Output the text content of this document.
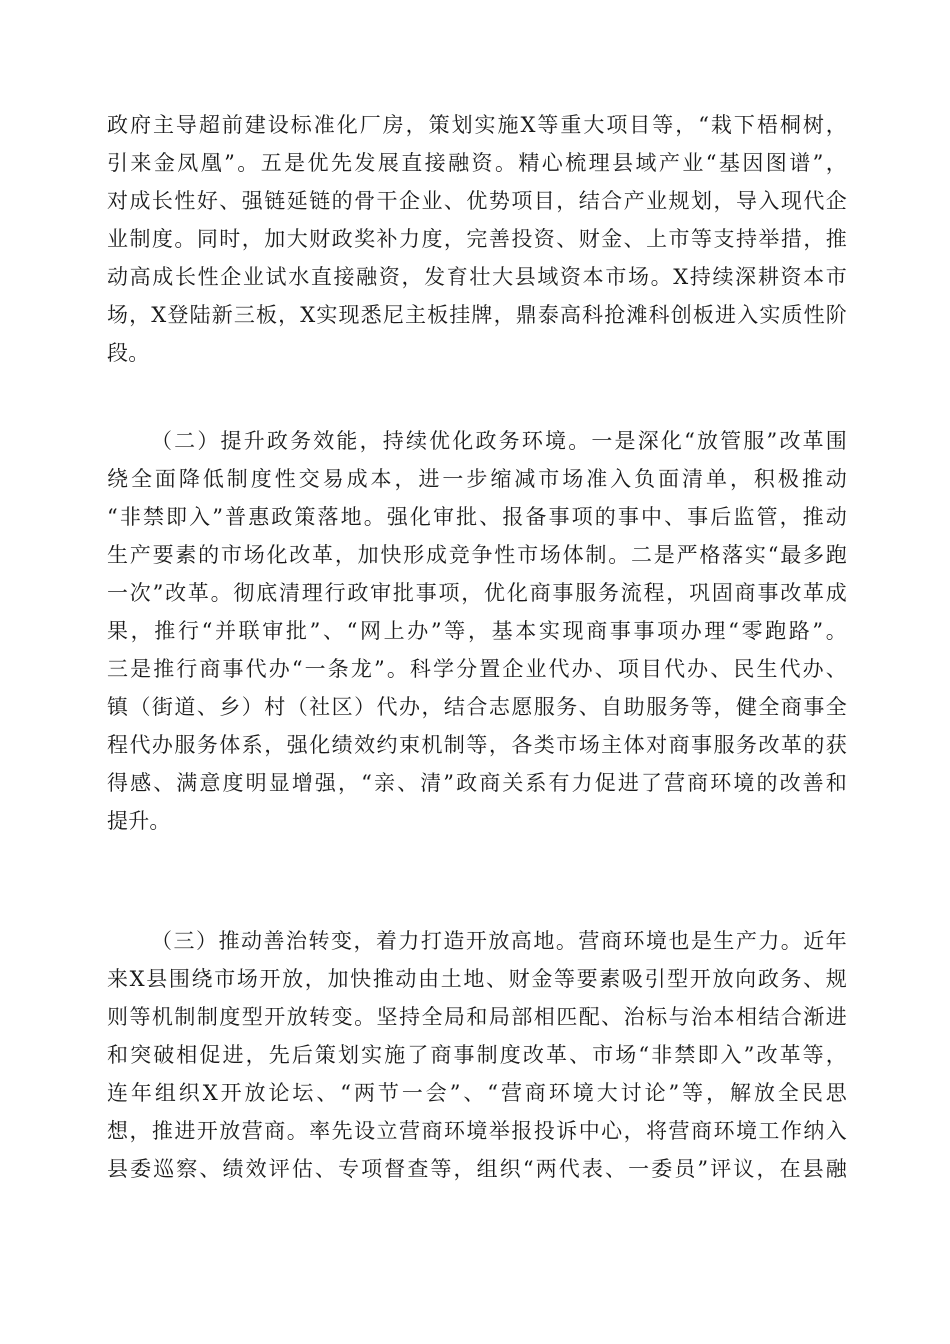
政府主导超前建设标准化厂房，策划实施X等重大项目等，“栽下梧桐树，
引来金凤凰”。五是优先发展直接融资。精心梳理县域产业“基因图谱”，
对成长性好、强链延链的骨干企业、优势项目，结合产业规划，导入现代企
业制度。同时，加大财政奖补力度，完善投资、财金、上市等支持举措，推
动高成长性企业试水直接融资，发育壮大县域资本市场。X持续深耕资本市
场，X登陆新三板，X实现悉尼主板挂牌，鼎泰高科抢滩科创板进入实质性阶
段。
（二）提升政务效能，持续优化政务环境。一是深化“放管服”改革围
绕全面降低制度性交易成本，进一步缩减市场准入负面清单，积极推动
“非禁即入”普惠政策落地。强化审批、报备事项的事中、事后监管，推动
生产要素的市场化改革，加快形成竞争性市场体制。二是严格落实“最多跑
一次”改革。彻底清理行政审批事项，优化商事服务流程，巩固商事改革成
果，推行“并联审批”、“网上办”等，基本实现商事事项办理“零跑路”。
三是推行商事代办“一条龙”。科学分置企业代办、项目代办、民生代办、
镇（街道、乡）村（社区）代办，结合志愿服务、自助服务等，健全商事全
程代办服务体系，强化绩效约束机制等，各类市场主体对商事服务改革的获
得感、满意度明显增强，“亲、清”政商关系有力促进了营商环境的改善和
提升。
（三）推动善治转变，着力打造开放高地。营商环境也是生产力。近年
来X县围绕市场开放，加快推动由土地、财金等要素吸引型开放向政务、规
则等机制制度型开放转变。坚持全局和局部相匹配、治标与治本相结合渐进
和突破相促进，先后策划实施了商事制度改革、市场“非禁即入”改革等，
连年组织X开放论坛、“两节一会”、“营商环境大讨论”等，解放全民思
想，推进开放营商。率先设立营商环境举报投诉中心，将营商环境工作纳入
县委巡察、绩效评估、专项督查等，组织“两代表、一委员”评议，在县融
